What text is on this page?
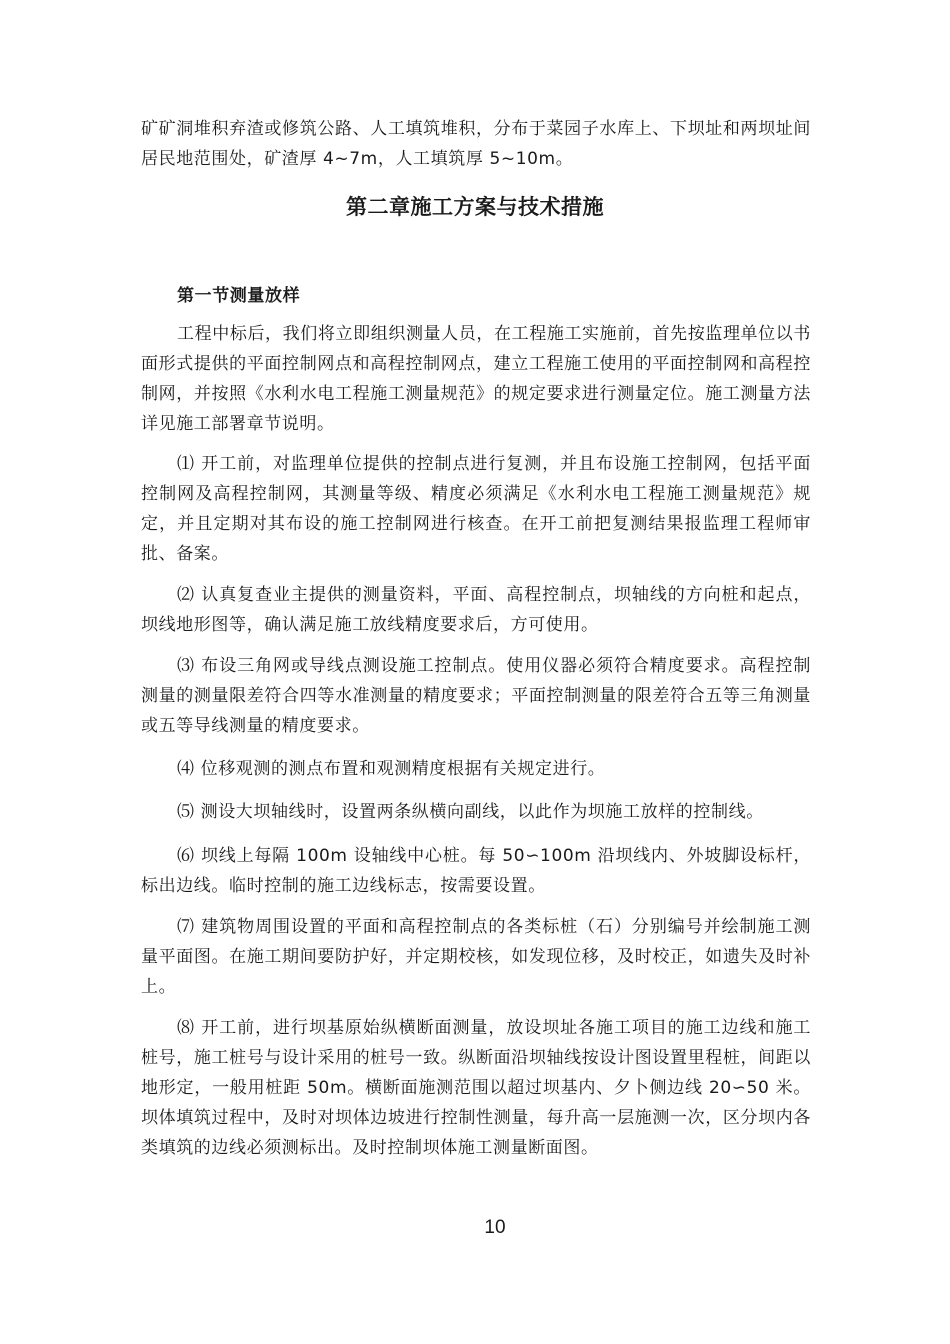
矿矿洞堆积弃渣或修筑公路、人工填筑堆积，分布于菜园子水库上、下坝址和两坝址间居民地范围处，矿渣厚 4~7m，人工填筑厚 5~10m。

第二章施工方案与技术措施
第一节测量放样

工程中标后，我们将立即组织测量人员，在工程施工实施前，首先按监理单位以书面形式提供的平面控制网点和高程控制网点，建立工程施工使用的平面控制网和高程控制网，并按照《水利水电工程施工测量规范》的规定要求进行测量定位。施工测量方法详见施工部署章节说明。

⑴ 开工前，对监理单位提供的控制点进行复测，并且布设施工控制网，包括平面控制网及高程控制网，其测量等级、精度必须满足《水利水电工程施工测量规范》规定，并且定期对其布设的施工控制网进行核查。在开工前把复测结果报监理工程师审批、备案。

⑵ 认真复查业主提供的测量资料，平面、高程控制点，坝轴线的方向桩和起点，坝线地形图等，确认满足施工放线精度要求后，方可使用。

⑶ 布设三角网或导线点测设施工控制点。使用仪器必须符合精度要求。高程控制测量的测量限差符合四等水准测量的精度要求；平面控制测量的限差符合五等三角测量或五等导线测量的精度要求。

⑷ 位移观测的测点布置和观测精度根据有关规定进行。

⑸ 测设大坝轴线时，设置两条纵横向副线，以此作为坝施工放样的控制线。

⑹ 坝线上每隔 100m 设轴线中心桩。每 50∽100m 沿坝线内、外坡脚设标杆，标出边线。临时控制的施工边线标志，按需要设置。

⑺ 建筑物周围设置的平面和高程控制点的各类标桩（石）分别编号并绘制施工测量平面图。在施工期间要防护好，并定期校核，如发现位移，及时校正，如遗失及时补上。

⑻ 开工前，进行坝基原始纵横断面测量，放设坝址各施工项目的施工边线和施工桩号，施工桩号与设计采用的桩号一致。纵断面沿坝轴线按设计图设置里程桩，间距以地形定，一般用桩距 50m。横断面施测范围以超过坝基内、夕卜侧边线 20∽50 米。坝体填筑过程中，及时对坝体边坡进行控制性测量，每升高一层施测一次，区分坝内各类填筑的边线必须测标出。及时控制坝体施工测量断面图。

10
